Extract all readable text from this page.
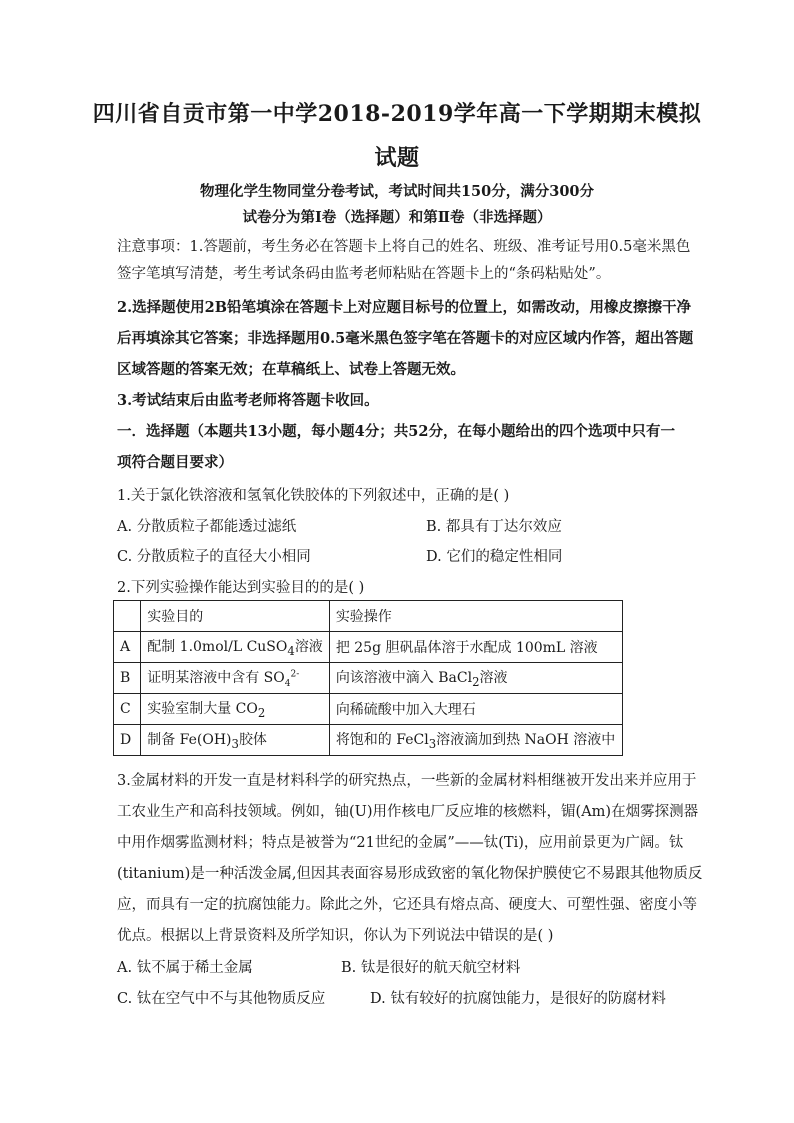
四川省自贡市第一中学2018-2019学年高一下学期期末模拟
试题
物理化学生物同堂分卷考试，考试时间共150分，满分300分
试卷分为第Ⅰ卷（选择题）和第Ⅱ卷（非选择题）
注意事项：1.答题前，考生务必在答题卡上将自己的姓名、班级、准考证号用0.5毫米黑色
签字笔填写清楚，考生考试条码由监考老师粘贴在答题卡上的“条码粘贴处”。
2.选择题使用2B铅笔填涂在答题卡上对应题目标号的位置上，如需改动，用橡皮擦擦干净
后再填涂其它答案；非选择题用0.5毫米黑色签字笔在答题卡的对应区域内作答，超出答题
区域答题的答案无效；在草稿纸上、试卷上答题无效。
3.考试结束后由监考老师将答题卡收回。
一．选择题（本题共13小题，每小题4分；共52分，在每小题给出的四个选项中只有一
项符合题目要求）
1.关于氯化铁溶液和氢氧化铁胶体的下列叙述中，正确的是( )
A. 分散质粒子都能透过滤纸	B. 都具有丁达尔效应
C. 分散质粒子的直径大小相同	D. 它们的稳定性相同
2.下列实验操作能达到实验目的的是( )
	实验目的	实验操作
A	配制 1.0mol/L CuSO$_4$溶液	把 25g 胆矾晶体溶于水配成 100mL 溶液
B	证明某溶液中含有 $SO_4^{2-}$	向该溶液中滴入 BaCl$_2$溶液
C	实验室制大量 $CO_2$	向稀硫酸中加入大理石
D	制备 $Fe(OH)_3$胶体	将饱和的 FeCl$_3$溶液滴加到热 NaOH 溶液中
3.金属材料的开发一直是材料科学的研究热点，一些新的金属材料相继被开发出来并应用于
工农业生产和高科技领域。例如，铀(U)用作核电厂反应堆的核燃料，镅(Am)在烟雾探测器
中用作烟雾监测材料；特点是被誉为“21世纪的金属”——钛(Ti)，应用前景更为广阔。钛
(titanium)是一种活泼金属,但因其表面容易形成致密的氧化物保护膜使它不易跟其他物质反
应，而具有一定的抗腐蚀能力。除此之外，它还具有熔点高、硬度大、可塑性强、密度小等
优点。根据以上背景资料及所学知识，你认为下列说法中错误的是( )
A. 钛不属于稀土金属	B. 钛是很好的航天航空材料
C. 钛在空气中不与其他物质反应	D. 钛有较好的抗腐蚀能力，是很好的防腐材料
